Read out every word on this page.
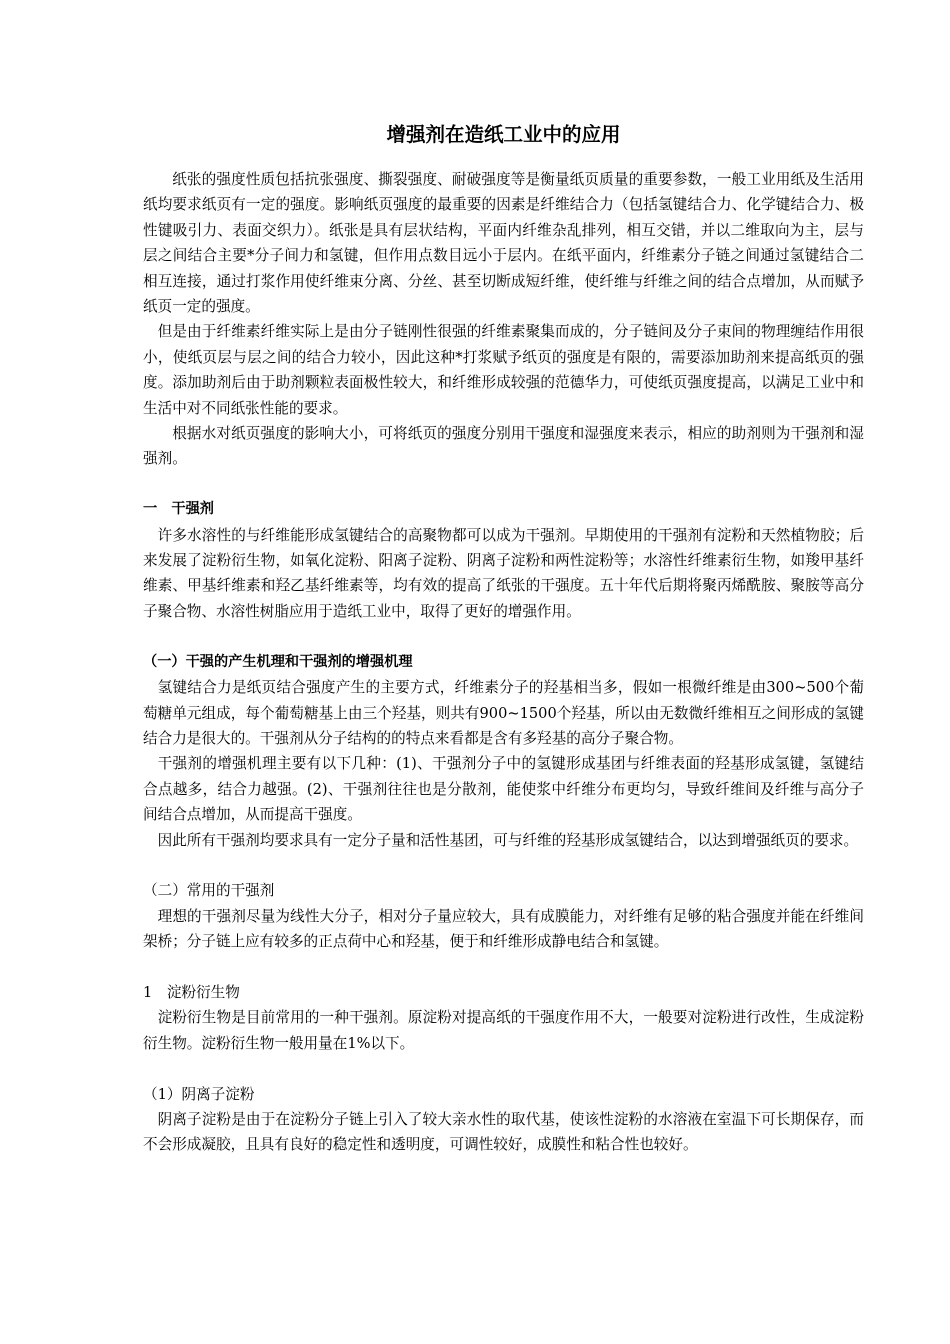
增强剂在造纸工业中的应用

纸张的强度性质包括抗张强度、撕裂强度、耐破强度等是衡量纸页质量的重要参数，一般工业用纸及生活用纸均要求纸页有一定的强度。影响纸页强度的最重要的因素是纤维结合力（包括氢键结合力、化学键结合力、极性键吸引力、表面交织力）。纸张是具有层状结构，平面内纤维杂乱排列，相互交错，并以二维取向为主，层与层之间结合主要*分子间力和氢键，但作用点数目远小于层内。在纸平面内，纤维素分子链之间通过氢键结合二相互连接，通过打浆作用使纤维束分离、分丝、甚至切断成短纤维，使纤维与纤维之间的结合点增加，从而赋予纸页一定的强度。

但是由于纤维素纤维实际上是由分子链刚性很强的纤维素聚集而成的，分子链间及分子束间的物理缠结作用很小，使纸页层与层之间的结合力较小，因此这种*打浆赋予纸页的强度是有限的，需要添加助剂来提高纸页的强度。添加助剂后由于助剂颗粒表面极性较大，和纤维形成较强的范德华力，可使纸页强度提高，以满足工业中和生活中对不同纸张性能的要求。

根据水对纸页强度的影响大小，可将纸页的强度分别用干强度和湿强度来表示，相应的助剂则为干强剂和湿强剂。

一　干强剂

许多水溶性的与纤维能形成氢键结合的高聚物都可以成为干强剂。早期使用的干强剂有淀粉和天然植物胶；后来发展了淀粉衍生物，如氧化淀粉、阳离子淀粉、阴离子淀粉和两性淀粉等；水溶性纤维素衍生物，如羧甲基纤维素、甲基纤维素和羟乙基纤维素等，均有效的提高了纸张的干强度。五十年代后期将聚丙烯酰胺、聚胺等高分子聚合物、水溶性树脂应用于造纸工业中，取得了更好的增强作用。

（一）干强的产生机理和干强剂的增强机理

氢键结合力是纸页结合强度产生的主要方式，纤维素分子的羟基相当多，假如一根微纤维是由300~500个葡萄糖单元组成，每个葡萄糖基上由三个羟基，则共有900~1500个羟基，所以由无数微纤维相互之间形成的氢键结合力是很大的。干强剂从分子结构的的特点来看都是含有多羟基的高分子聚合物。

干强剂的增强机理主要有以下几种：(1)、干强剂分子中的氢键形成基团与纤维表面的羟基形成氢键，氢键结合点越多，结合力越强。(2)、干强剂往往也是分散剂，能使浆中纤维分布更均匀，导致纤维间及纤维与高分子间结合点增加，从而提高干强度。

因此所有干强剂均要求具有一定分子量和活性基团，可与纤维的羟基形成氢键结合，以达到增强纸页的要求。

（二）常用的干强剂

理想的干强剂尽量为线性大分子，相对分子量应较大，具有成膜能力，对纤维有足够的粘合强度并能在纤维间架桥；分子链上应有较多的正点荷中心和羟基，便于和纤维形成静电结合和氢键。

1　淀粉衍生物

淀粉衍生物是目前常用的一种干强剂。原淀粉对提高纸的干强度作用不大，一般要对淀粉进行改性，生成淀粉衍生物。淀粉衍生物一般用量在1%以下。

（1）阴离子淀粉

阴离子淀粉是由于在淀粉分子链上引入了较大亲水性的取代基，使该性淀粉的水溶液在室温下可长期保存，而不会形成凝胶，且具有良好的稳定性和透明度，可调性较好，成膜性和粘合性也较好。
